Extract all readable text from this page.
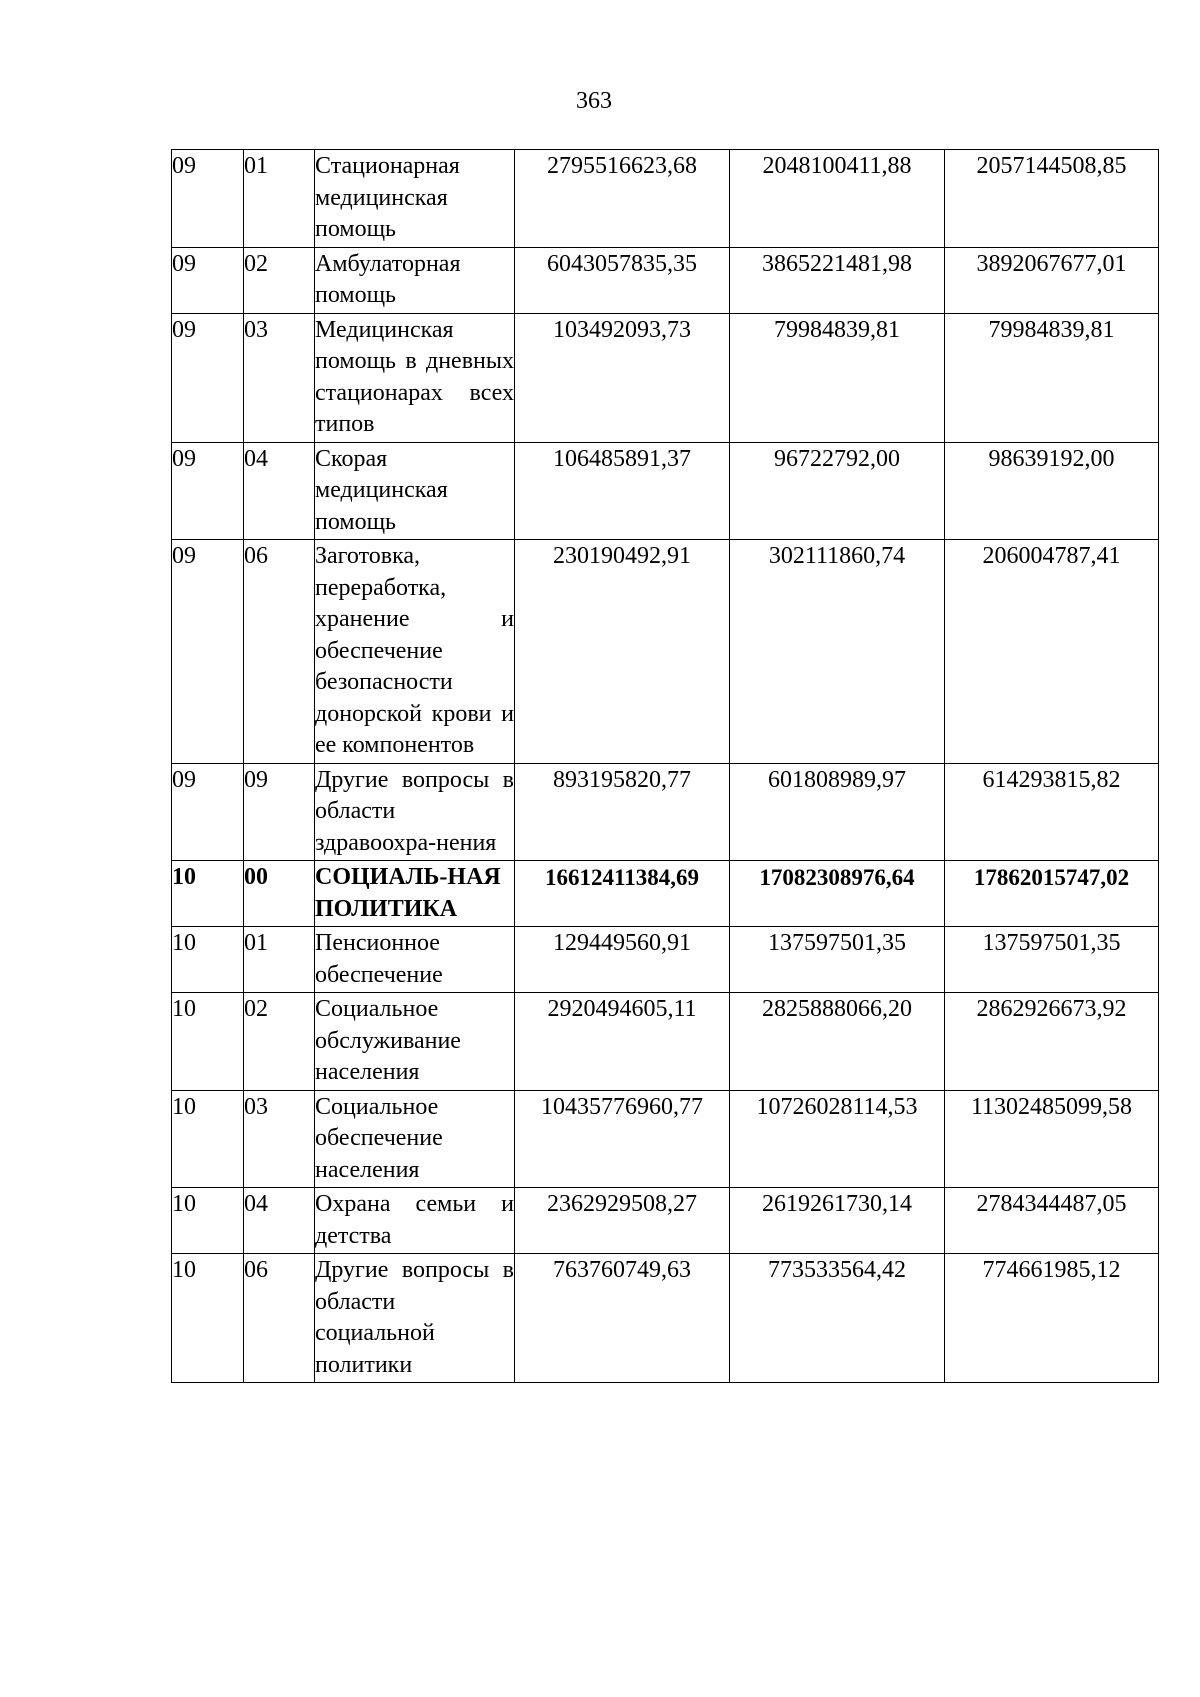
363
09	01	Стационарная медицинская помощь	2795516623,68	2048100411,88	2057144508,85
09	02	Амбулаторная помощь	6043057835,35	3865221481,98	3892067677,01
09	03	Медицинская помощь в дневных стационарах всех типов	103492093,73	79984839,81	79984839,81
09	04	Скорая медицинская помощь	106485891,37	96722792,00	98639192,00
09	06	Заготовка, переработка, хранение и обеспечение безопасности донорской крови и ее компонентов	230190492,91	302111860,74	206004787,41
09	09	Другие вопросы в области здравоохра-нения	893195820,77	601808989,97	614293815,82
10	00	СОЦИАЛЬ-НАЯ ПОЛИТИКА	16612411384,69	17082308976,64	17862015747,02
10	01	Пенсионное обеспечение	129449560,91	137597501,35	137597501,35
10	02	Социальное обслуживание населения	2920494605,11	2825888066,20	2862926673,92
10	03	Социальное обеспечение населения	10435776960,77	10726028114,53	11302485099,58
10	04	Охрана семьи и детства	2362929508,27	2619261730,14	2784344487,05
10	06	Другие вопросы в области социальной политики	763760749,63	773533564,42	774661985,12
